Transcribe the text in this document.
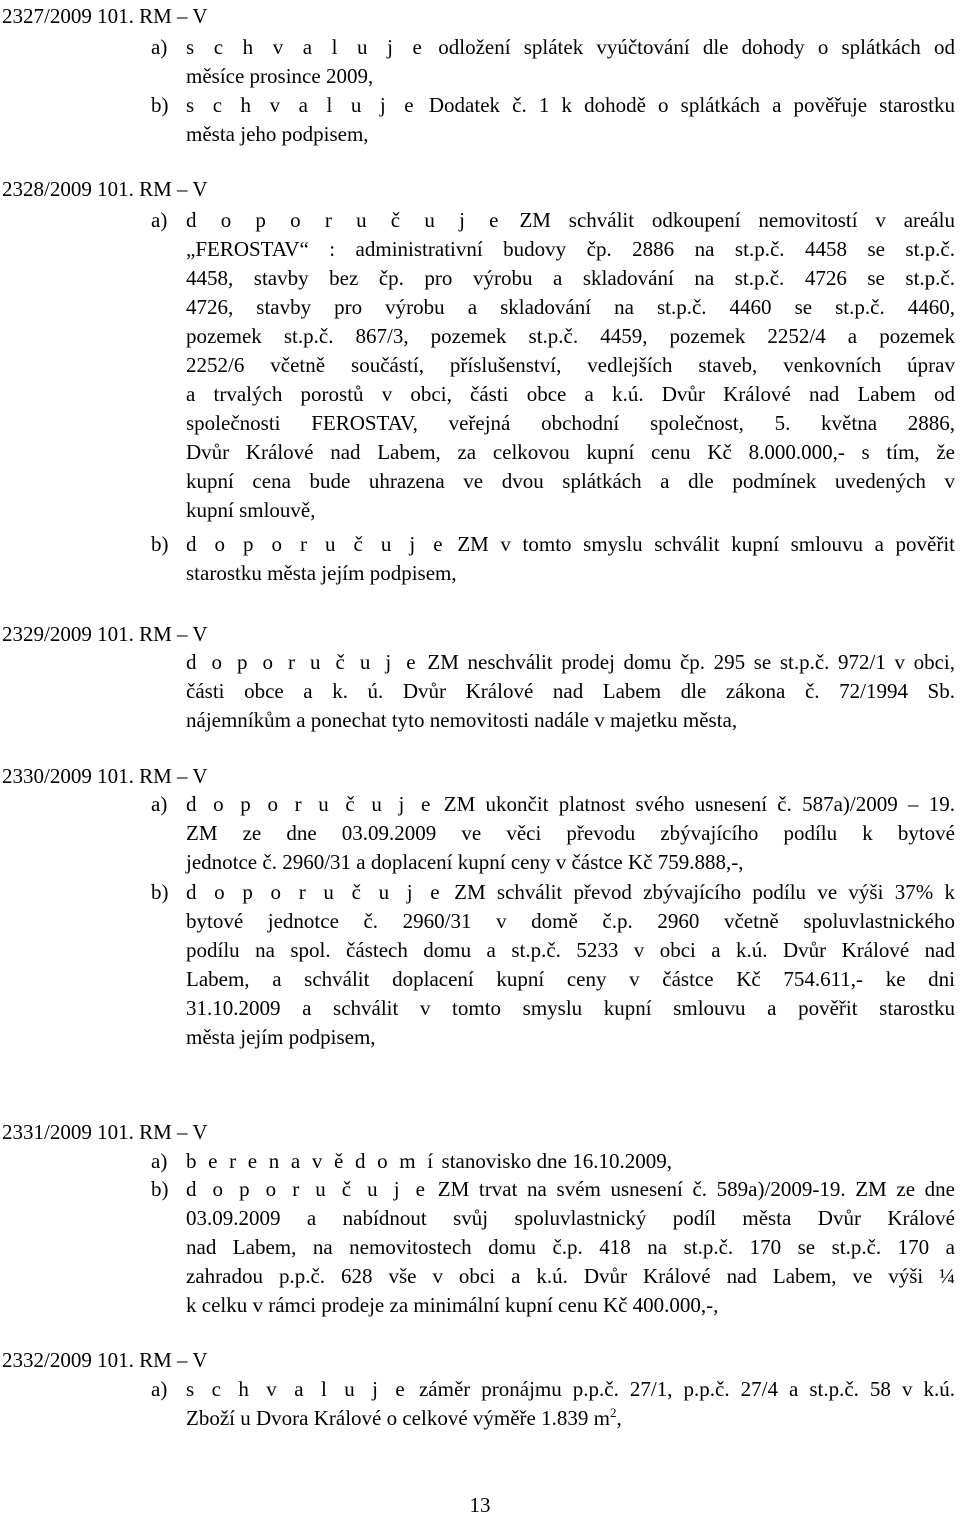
2327/2009 101. RM – V
a) s c h v a l u j e odložení splátek vyúčtování dle dohody o splátkách od

měsíce prosince 2009,

b) s c h v a l u j e Dodatek č. 1 k dohodě o splátkách a pověřuje starostku

města jeho podpisem,

2328/2009 101. RM – V
a) d o p o r u č u j e ZM schválit odkoupení nemovitostí v areálu

„FEROSTAV“ : administrativní budovy čp. 2886 na st.p.č. 4458 se st.p.č.

4458, stavby bez čp. pro výrobu a skladování na st.p.č. 4726 se st.p.č.

4726, stavby pro výrobu a skladování na st.p.č. 4460 se st.p.č. 4460,

pozemek st.p.č. 867/3, pozemek st.p.č. 4459, pozemek 2252/4 a pozemek

2252/6 včetně součástí, příslušenství, vedlejších staveb, venkovních úprav

a trvalých porostů v obci, části obce a k.ú. Dvůr Králové nad Labem od

společnosti FEROSTAV, veřejná obchodní společnost, 5. května 2886,

Dvůr Králové nad Labem, za celkovou kupní cenu Kč 8.000.000,- s tím, že

kupní cena bude uhrazena ve dvou splátkách a dle podmínek uvedených v

kupní smlouvě,

b) d o p o r u č u j e ZM v tomto smyslu schválit kupní smlouvu a pověřit

starostku města jejím podpisem,

2329/2009 101. RM – V

d o p o r u č u j e ZM neschválit prodej domu čp. 295 se st.p.č. 972/1 v obci,

části obce a k. ú. Dvůr Králové nad Labem dle zákona č. 72/1994 Sb.

nájemníkům a ponechat tyto nemovitosti nadále v majetku města,

2330/2009 101. RM – V
a) d o p o r u č u j e ZM ukončit platnost svého usnesení č. 587a)/2009 – 19.

ZM ze dne 03.09.2009 ve věci převodu zbývajícího podílu k bytové

jednotce č. 2960/31 a doplacení kupní ceny v částce Kč 759.888,-,

b) d o p o r u č u j e ZM schválit převod zbývajícího podílu ve výši 37% k

bytové jednotce č. 2960/31 v domě č.p. 2960 včetně spoluvlastnického

podílu na spol. částech domu a st.p.č. 5233 v obci a k.ú. Dvůr Králové nad

Labem, a schválit doplacení kupní ceny v částce Kč 754.611,- ke dni

31.10.2009 a schválit v tomto smyslu kupní smlouvu a pověřit starostku

města jejím podpisem,

2331/2009 101. RM – V
a) b e r e n a v ě d o m í stanovisko dne 16.10.2009,

b) d o p o r u č u j e ZM trvat na svém usnesení č. 589a)/2009-19. ZM ze dne

03.09.2009 a nabídnout svůj spoluvlastnický podíl města Dvůr Králové

nad Labem, na nemovitostech domu č.p. 418 na st.p.č. 170 se st.p.č. 170 a

zahradou p.p.č. 628 vše v obci a k.ú. Dvůr Králové nad Labem, ve výši ¼

k celku v rámci prodeje za minimální kupní cenu Kč 400.000,-,

2332/2009 101. RM – V
a) s c h v a l u j e záměr pronájmu p.p.č. 27/1, p.p.č. 27/4 a st.p.č. 58 v k.ú.

Zboží u Dvora Králové o celkové výměře 1.839 $m^2$,

13
